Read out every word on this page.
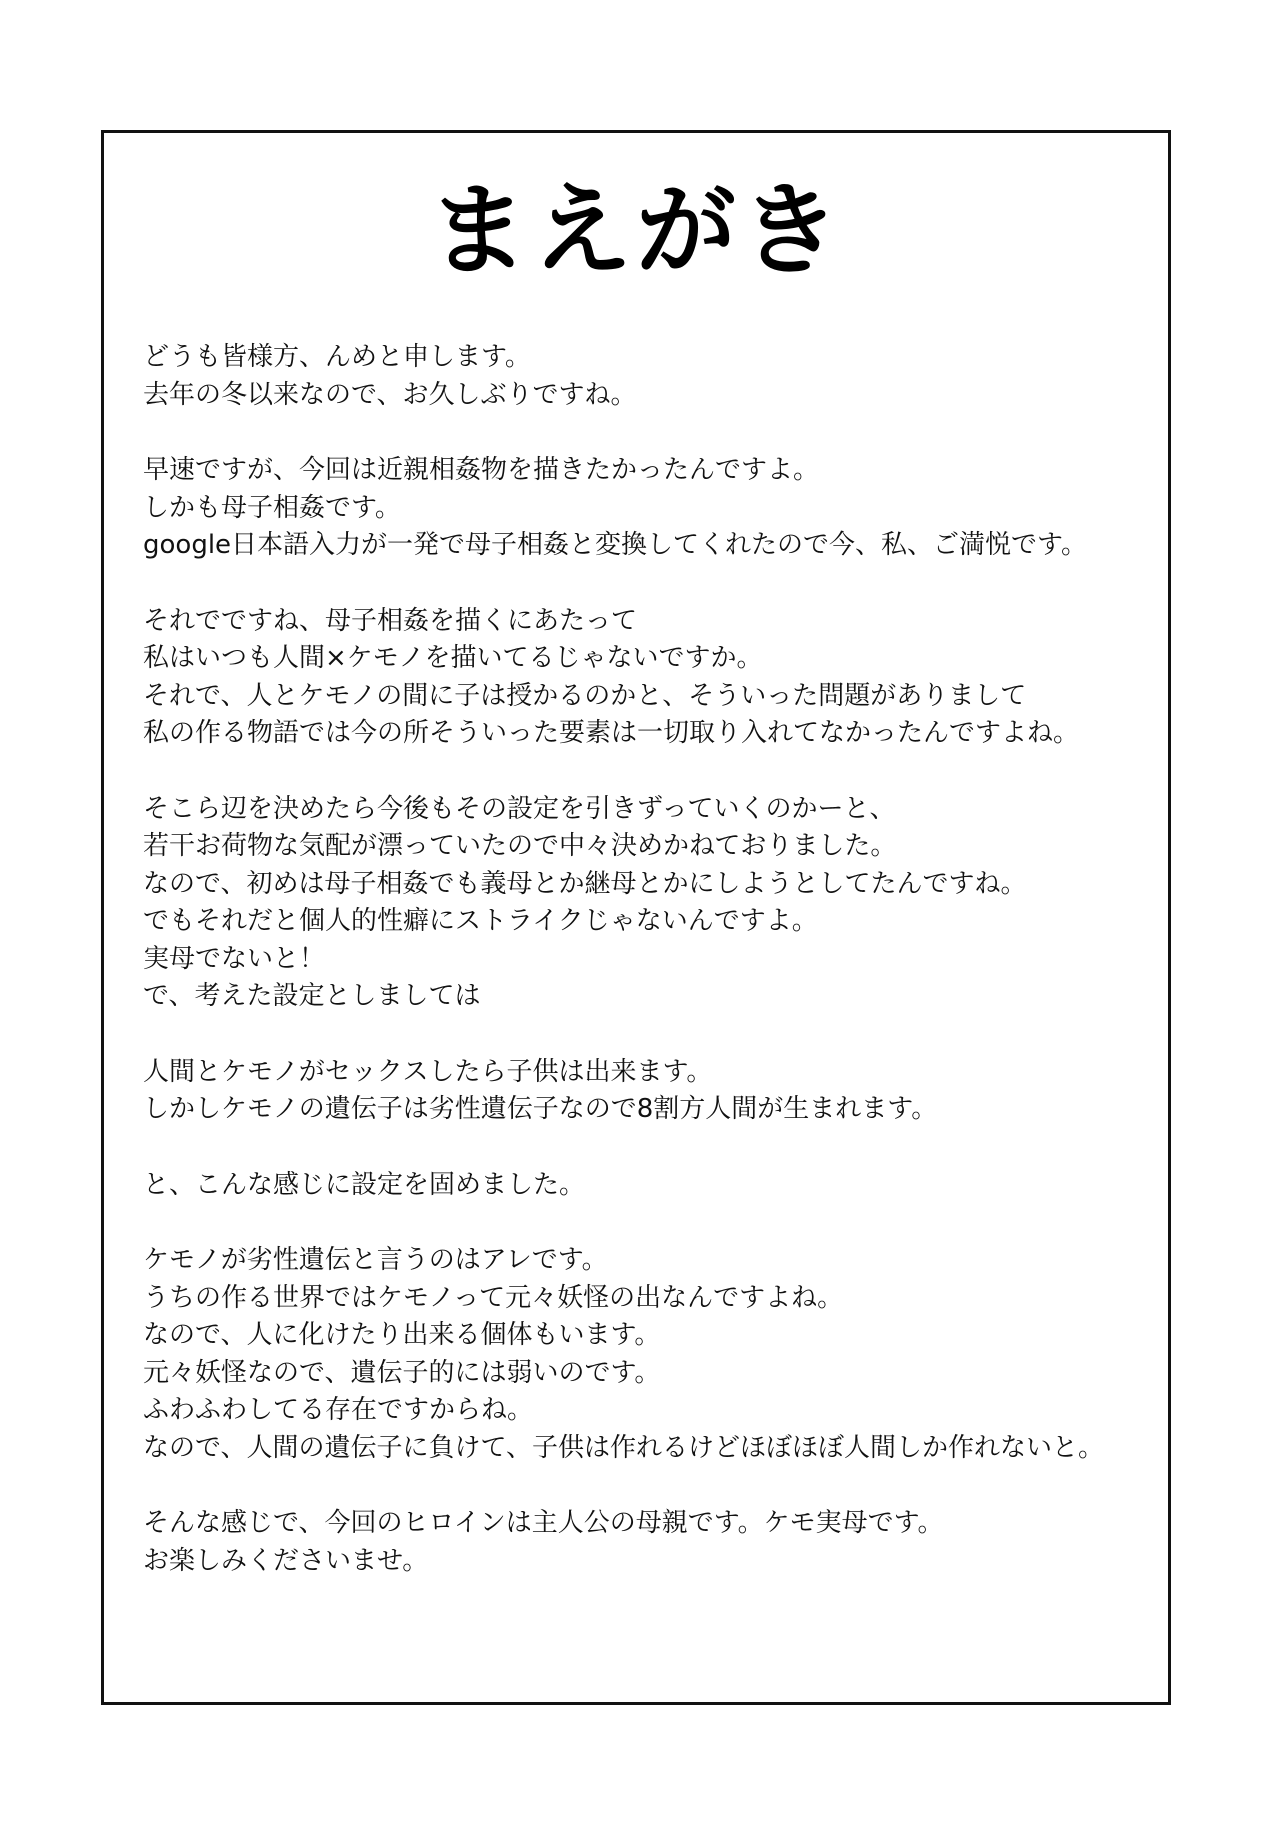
まえがき
どうも皆様方、んめと申します。
去年の冬以来なので、お久しぶりですね。
早速ですが、今回は近親相姦物を描きたかったんですよ。
しかも母子相姦です。
google日本語入力が一発で母子相姦と変換してくれたので今、私、ご満悦です。
それでですね、母子相姦を描くにあたって
私はいつも人間×ケモノを描いてるじゃないですか。
それで、人とケモノの間に子は授かるのかと、そういった問題がありまして
私の作る物語では今の所そういった要素は一切取り入れてなかったんですよね。
そこら辺を決めたら今後もその設定を引きずっていくのかーと、
若干お荷物な気配が漂っていたので中々決めかねておりました。
なので、初めは母子相姦でも義母とか継母とかにしようとしてたんですね。
でもそれだと個人的性癖にストライクじゃないんですよ。
実母でないと！
で、考えた設定としましては
人間とケモノがセックスしたら子供は出来ます。
しかしケモノの遺伝子は劣性遺伝子なので8割方人間が生まれます。
と、こんな感じに設定を固めました。
ケモノが劣性遺伝と言うのはアレです。
うちの作る世界ではケモノって元々妖怪の出なんですよね。
なので、人に化けたり出来る個体もいます。
元々妖怪なので、遺伝子的には弱いのです。
ふわふわしてる存在ですからね。
なので、人間の遺伝子に負けて、子供は作れるけどほぼほぼ人間しか作れないと。
そんな感じで、今回のヒロインは主人公の母親です。ケモ実母です。
お楽しみくださいませ。
